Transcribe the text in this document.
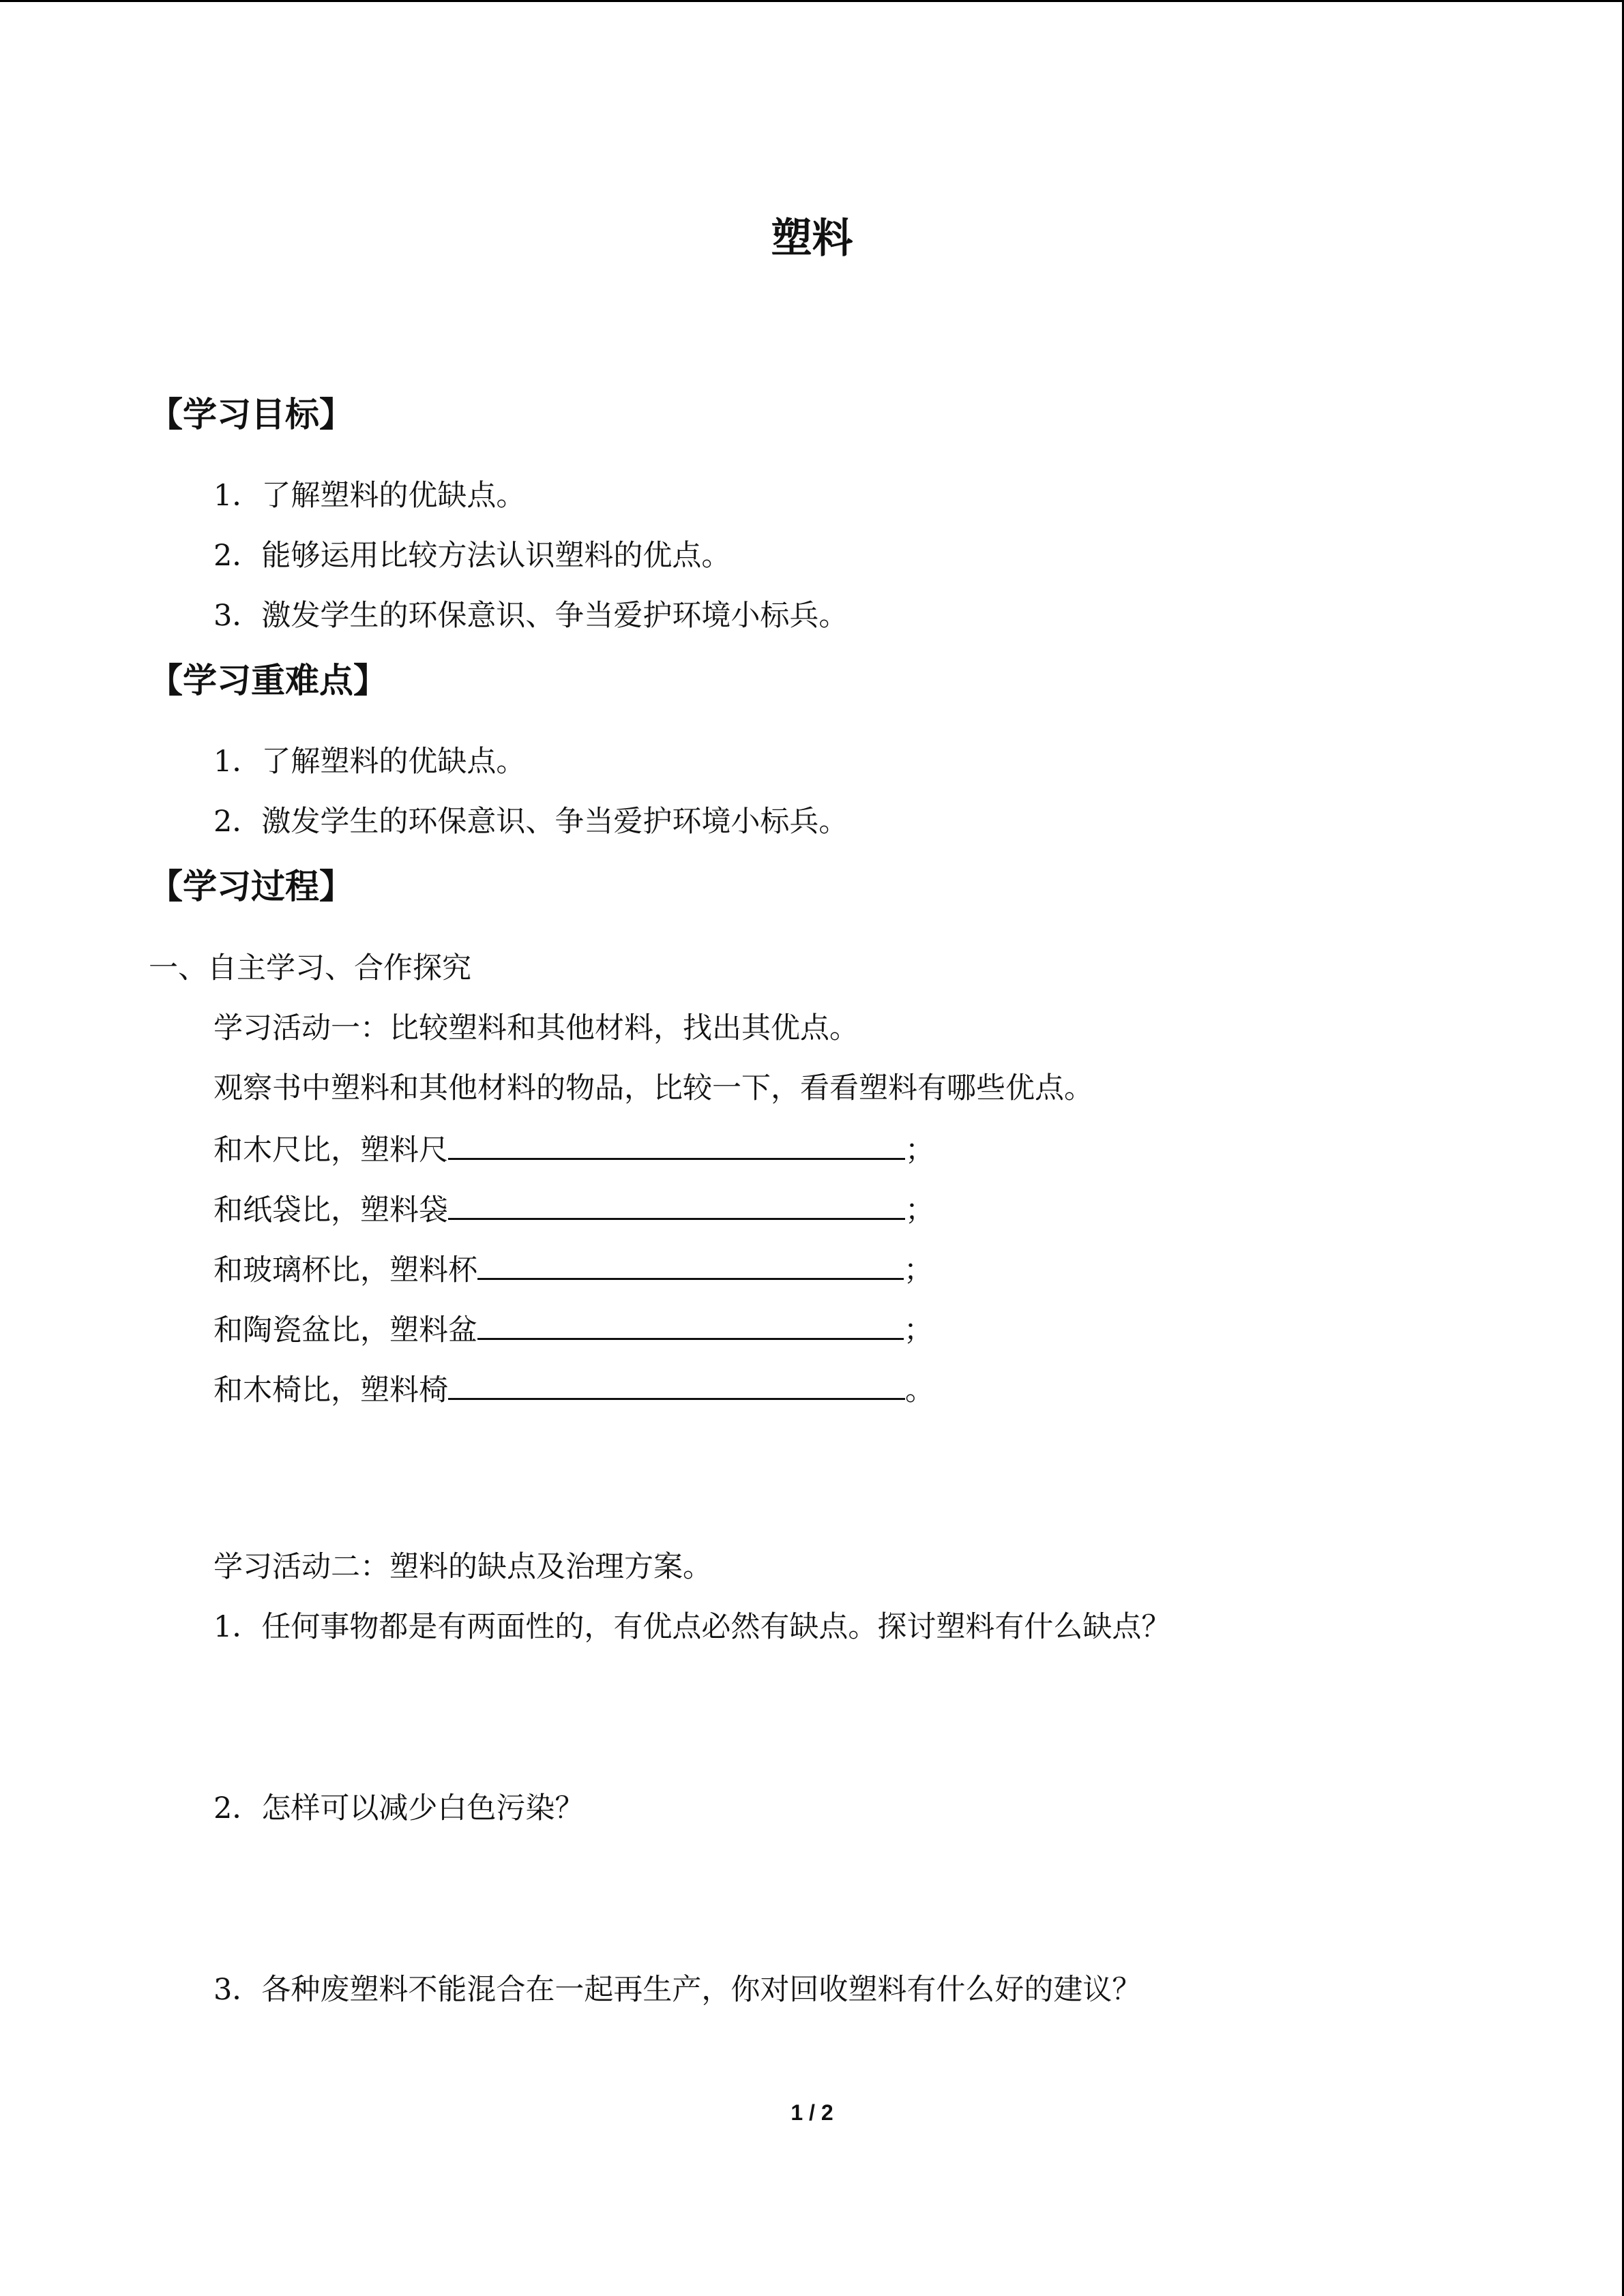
塑料
【学习目标】
1．了解塑料的优缺点。
2．能够运用比较方法认识塑料的优点。
3．激发学生的环保意识、争当爱护环境小标兵。
【学习重难点】
1．了解塑料的优缺点。
2．激发学生的环保意识、争当爱护环境小标兵。
【学习过程】
一、自主学习、合作探究
学习活动一：比较塑料和其他材料，找出其优点。
观察书中塑料和其他材料的物品，比较一下，看看塑料有哪些优点。
和木尺比，塑料尺	；
和纸袋比，塑料袋	；
和玻璃杯比，塑料杯	；
和陶瓷盆比，塑料盆	；
和木椅比，塑料椅	。
学习活动二：塑料的缺点及治理方案。
1．任何事物都是有两面性的，有优点必然有缺点。探讨塑料有什么缺点？
2．怎样可以减少白色污染？
3．各种废塑料不能混合在一起再生产，你对回收塑料有什么好的建议？
1 / 2
